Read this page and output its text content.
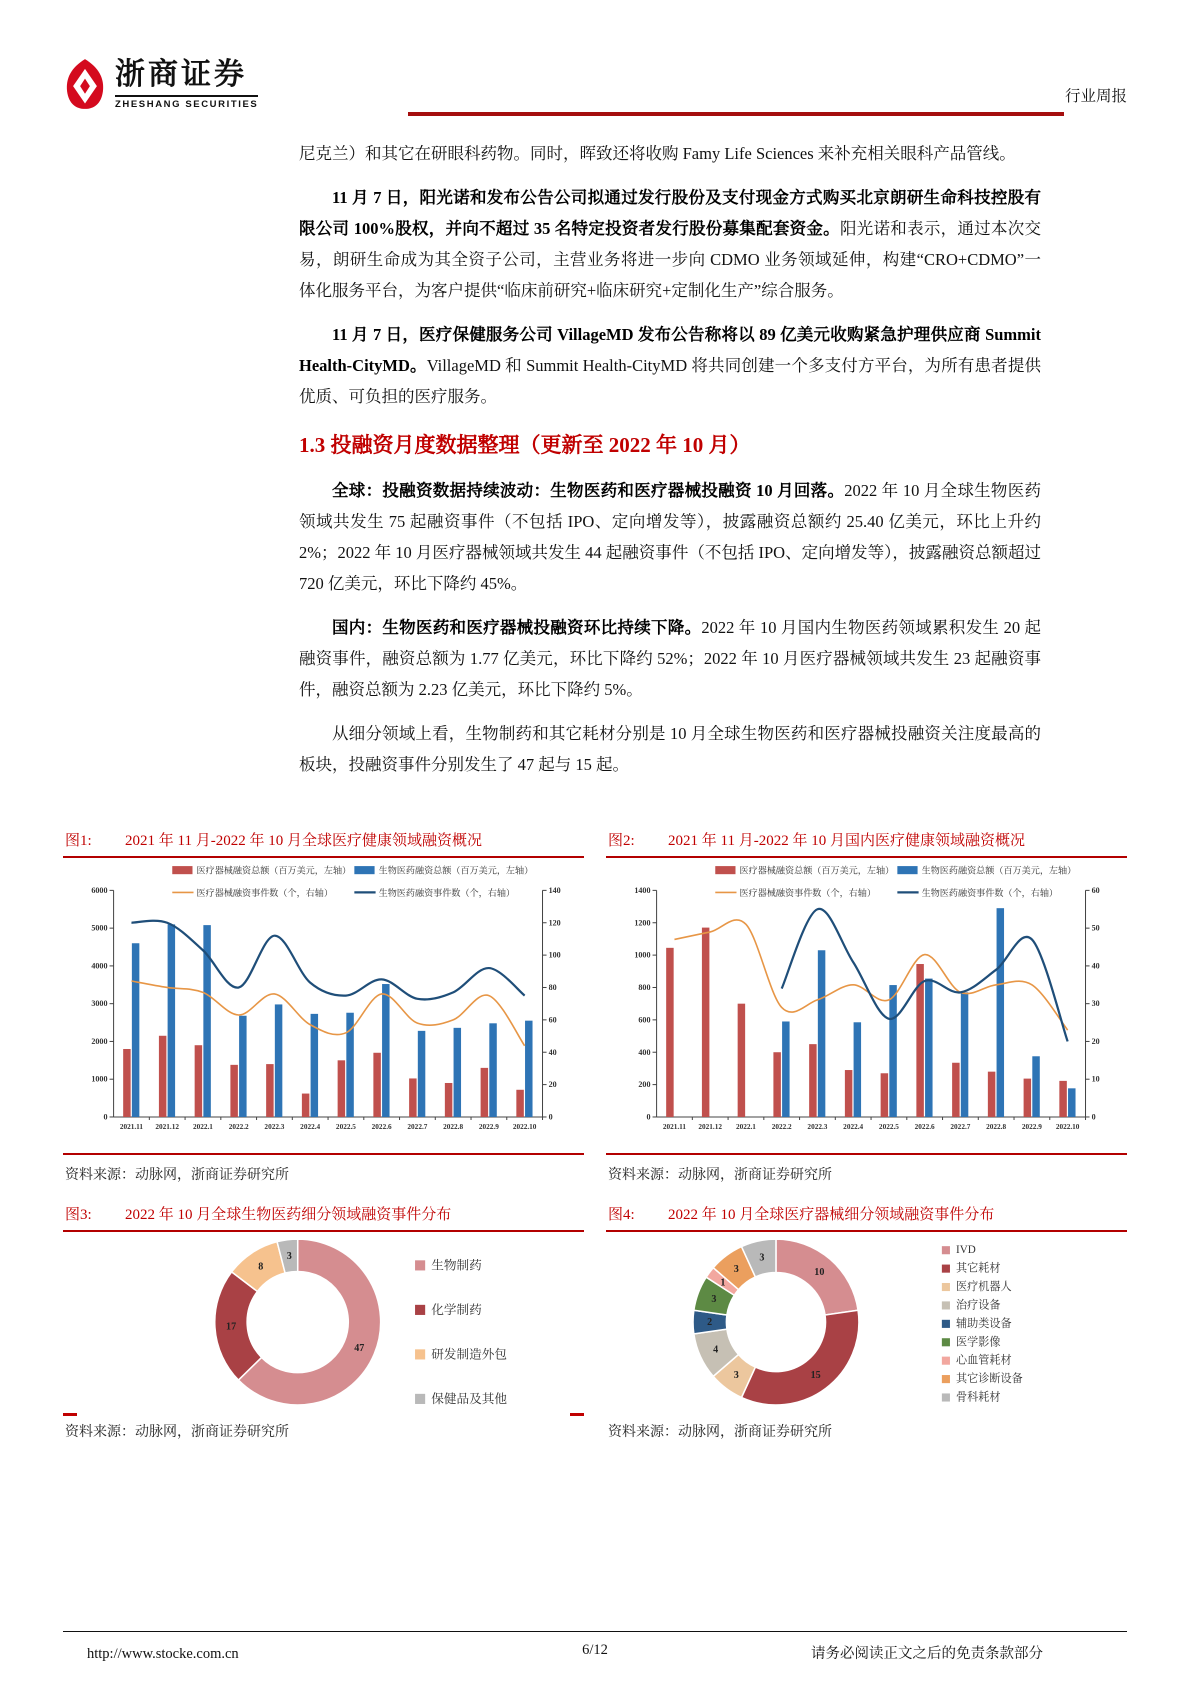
浙商证券
ZHESHANG SECURITIES	行业周报

尼克兰）和其它在研眼科药物。同时，晖致还将收购 Famy Life Sciences 来补充相关眼科产品管线。

11 月 7 日，阳光诺和发布公告公司拟通过发行股份及支付现金方式购买北京朗研生命科技控股有限公司 100%股权，并向不超过 35 名特定投资者发行股份募集配套资金。阳光诺和表示，通过本次交易，朗研生命成为其全资子公司，主营业务将进一步向 CDMO 业务领域延伸，构建“CRO+CDMO”一体化服务平台，为客户提供“临床前研究+临床研究+定制化生产”综合服务。

11 月 7 日，医疗保健服务公司 VillageMD 发布公告称将以 89 亿美元收购紧急护理供应商 Summit Health-CityMD。VillageMD 和 Summit Health-CityMD 将共同创建一个多支付方平台，为所有患者提供优质、可负担的医疗服务。

1.3 投融资月度数据整理（更新至 2022 年 10 月）

全球：投融资数据持续波动：生物医药和医疗器械投融资 10 月回落。2022 年 10 月全球生物医药领域共发生 75 起融资事件（不包括 IPO、定向增发等），披露融资总额约 25.40 亿美元，环比上升约 2%；2022 年 10 月医疗器械领域共发生 44 起融资事件（不包括 IPO、定向增发等），披露融资总额超过 720 亿美元，环比下降约 45%。

国内：生物医药和医疗器械投融资环比持续下降。2022 年 10 月国内生物医药领域累积发生 20 起融资事件，融资总额为 1.77 亿美元，环比下降约 52%；2022 年 10 月医疗器械领域共发生 23 起融资事件，融资总额为 2.23 亿美元，环比下降约 5%。

从细分领域上看，生物制药和其它耗材分别是 10 月全球生物医药和医疗器械投融资关注度最高的板块，投融资事件分别发生了 47 起与 15 起。

图1:	2021 年 11 月-2022 年 10 月全球医疗健康领域融资概况
0
1000
2000
3000
4000
5000
6000
0
20
40
60
80
100
120
140
2021.11 2021.12 2022.1 2022.2 2022.3 2022.4 2022.5 2022.6 2022.7 2022.8 2022.9 2022.10
医疗器械融资总额（百万美元，左轴）	生物医药融资总额（百万美元，左轴）
医疗器械融资事件数（个，右轴）	生物医药融资事件数（个，右轴）
资料来源：动脉网，浙商证券研究所
图2:	2021 年 11 月-2022 年 10 月国内医疗健康领域融资概况
0
200
400
600
800
1000
1200
1400
0
10
20
30
40
50
60
2021.11 2021.12 2022.1 2022.2 2022.3 2022.4 2022.5 2022.6 2022.7 2022.8 2022.9 2022.10
医疗器械融资总额（百万美元，左轴）	生物医药融资总额（百万美元，左轴）
医疗器械融资事件数（个，右轴）	生物医药融资事件数（个，右轴）
资料来源：动脉网，浙商证券研究所
图3:	2022 年 10 月全球生物医药细分领域融资事件分布
47
17
8
3
生物制药
化学制药
研发制造外包
保健品及其他
资料来源：动脉网，浙商证券研究所
图4:	2022 年 10 月全球医疗器械细分领域融资事件分布
10
15
3
4
2
3
1
3
3
IVD
其它耗材
医疗机器人
治疗设备
辅助类设备
医学影像
心血管耗材
其它诊断设备
骨科耗材
资料来源：动脉网，浙商证券研究所
6/12
http://www.stocke.com.cn	请务必阅读正文之后的免责条款部分
